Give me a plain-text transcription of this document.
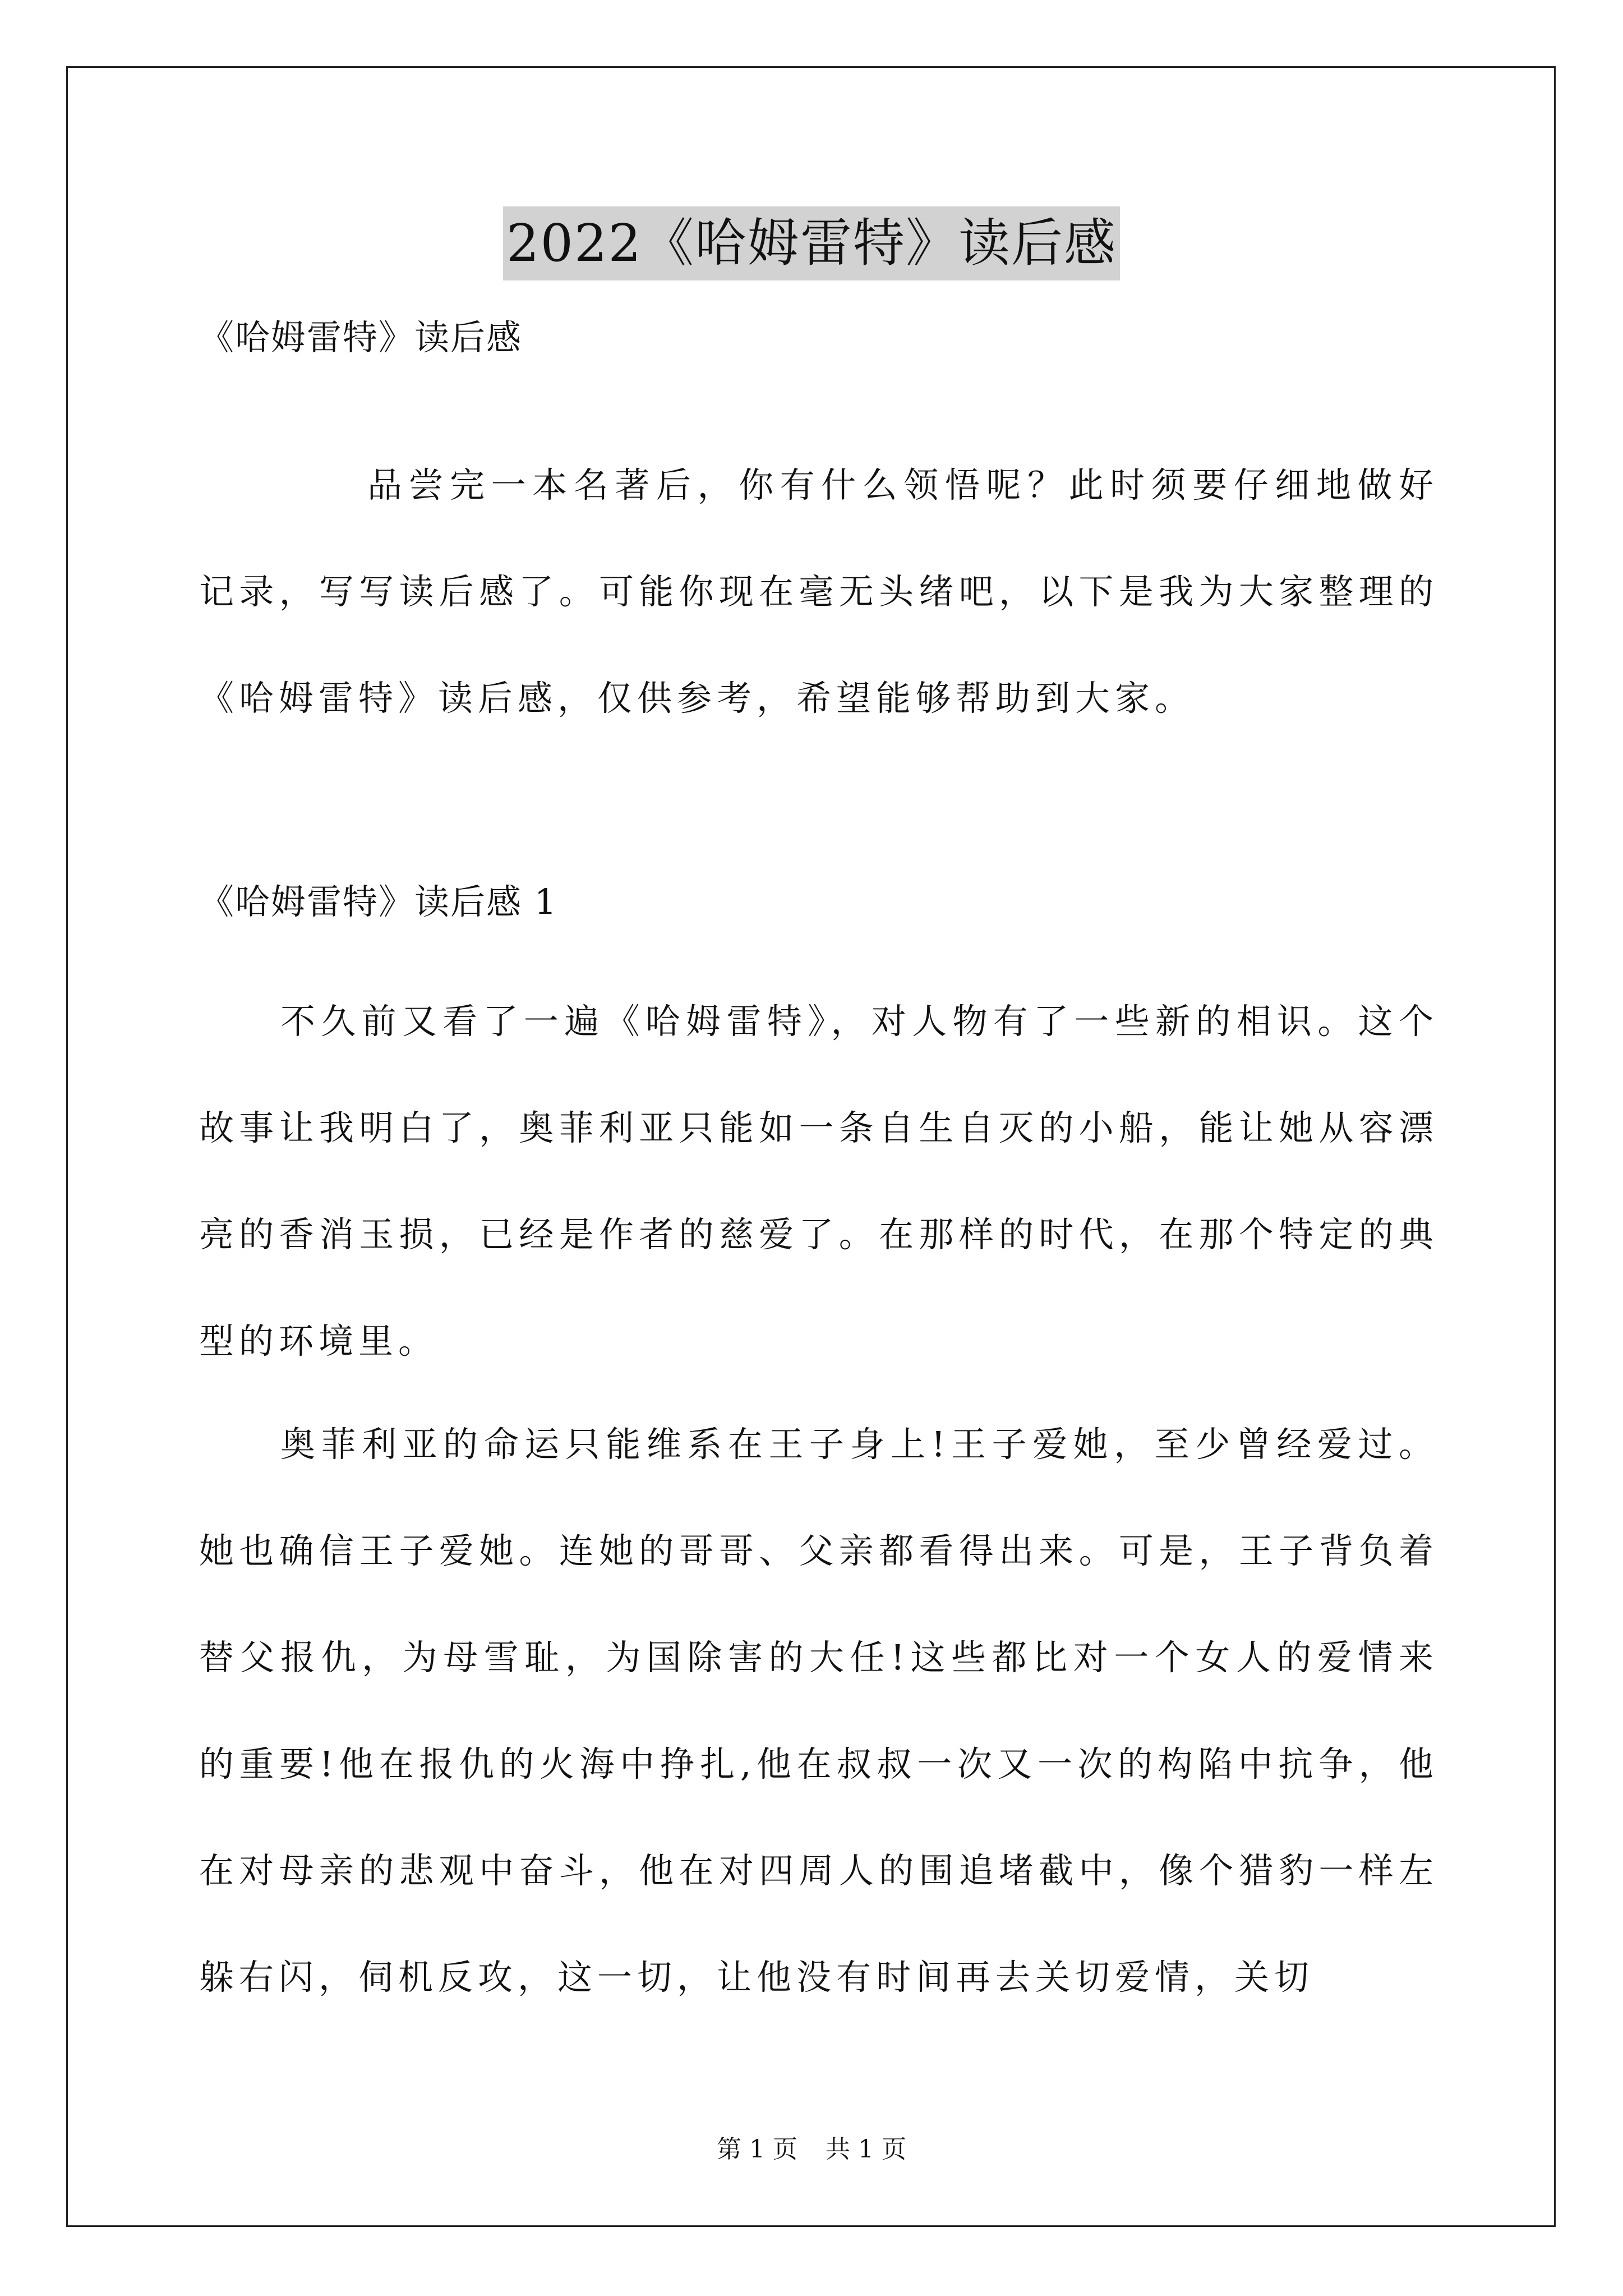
2022《哈姆雷特》读后感
《哈姆雷特》读后感
品尝完一本名著后，你有什么领悟呢？此时须要仔细地做好记录，写写读后感了。可能你现在毫无头绪吧，以下是我为大家整理的《哈姆雷特》读后感，仅供参考，希望能够帮助到大家。
《哈姆雷特》读后感 1
不久前又看了一遍《哈姆雷特》，对人物有了一些新的相识。这个故事让我明白了，奥菲利亚只能如一条自生自灭的小船，能让她从容漂亮的香消玉损，已经是作者的慈爱了。在那样的时代，在那个特定的典型的环境里。
奥菲利亚的命运只能维系在王子身上!王子爱她，至少曾经爱过。她也确信王子爱她。连她的哥哥、父亲都看得出来。可是，王子背负着替父报仇，为母雪耻，为国除害的大任!这些都比对一个女人的爱情来的重要!他在报仇的火海中挣扎,他在叔叔一次又一次的构陷中抗争，他在对母亲的悲观中奋斗，他在对四周人的围追堵截中，像个猎豹一样左躲右闪，伺机反攻，这一切，让他没有时间再去关切爱情，关切
第 1 页 共 1 页
